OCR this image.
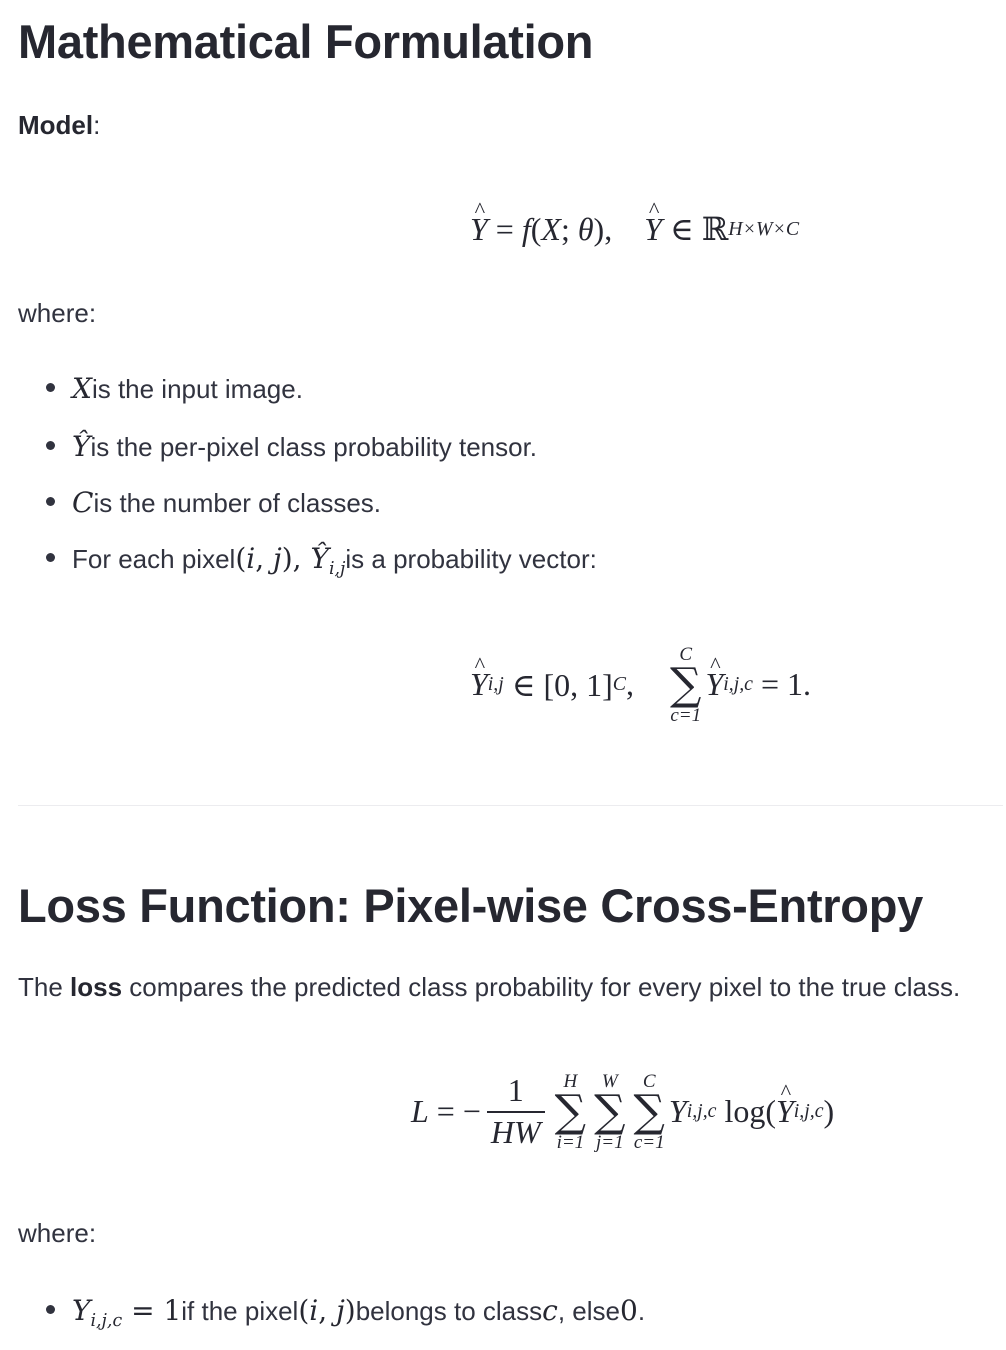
Mathematical Formulation

Model:

^ Y = f ( X ; θ ), ^ Y ∈ ℝ H×W×C

where:

X is the input image.
Ŷ is the per-pixel class probability tensor.
C is the number of classes.
For each pixel (i, j), $Ŷ_{i,j}$ is a probability vector:
^ Y i,j ∈ [0, 1] C ,
C
∑
c=1
^ Y i,j,c = 1.
Loss Function: Pixel-wise Cross-Entropy

The loss compares the predicted class probability for every pixel to the true class.

L = − $\frac{1}{HW}$ H
∑
i=1
W
∑
j=1
C
∑
c=1
Y i,j,c log( ^ Y i,j,c )

where:

$Y_{i,j,c} = 1$ if the pixel (i, j) belongs to class c , else 0 .
